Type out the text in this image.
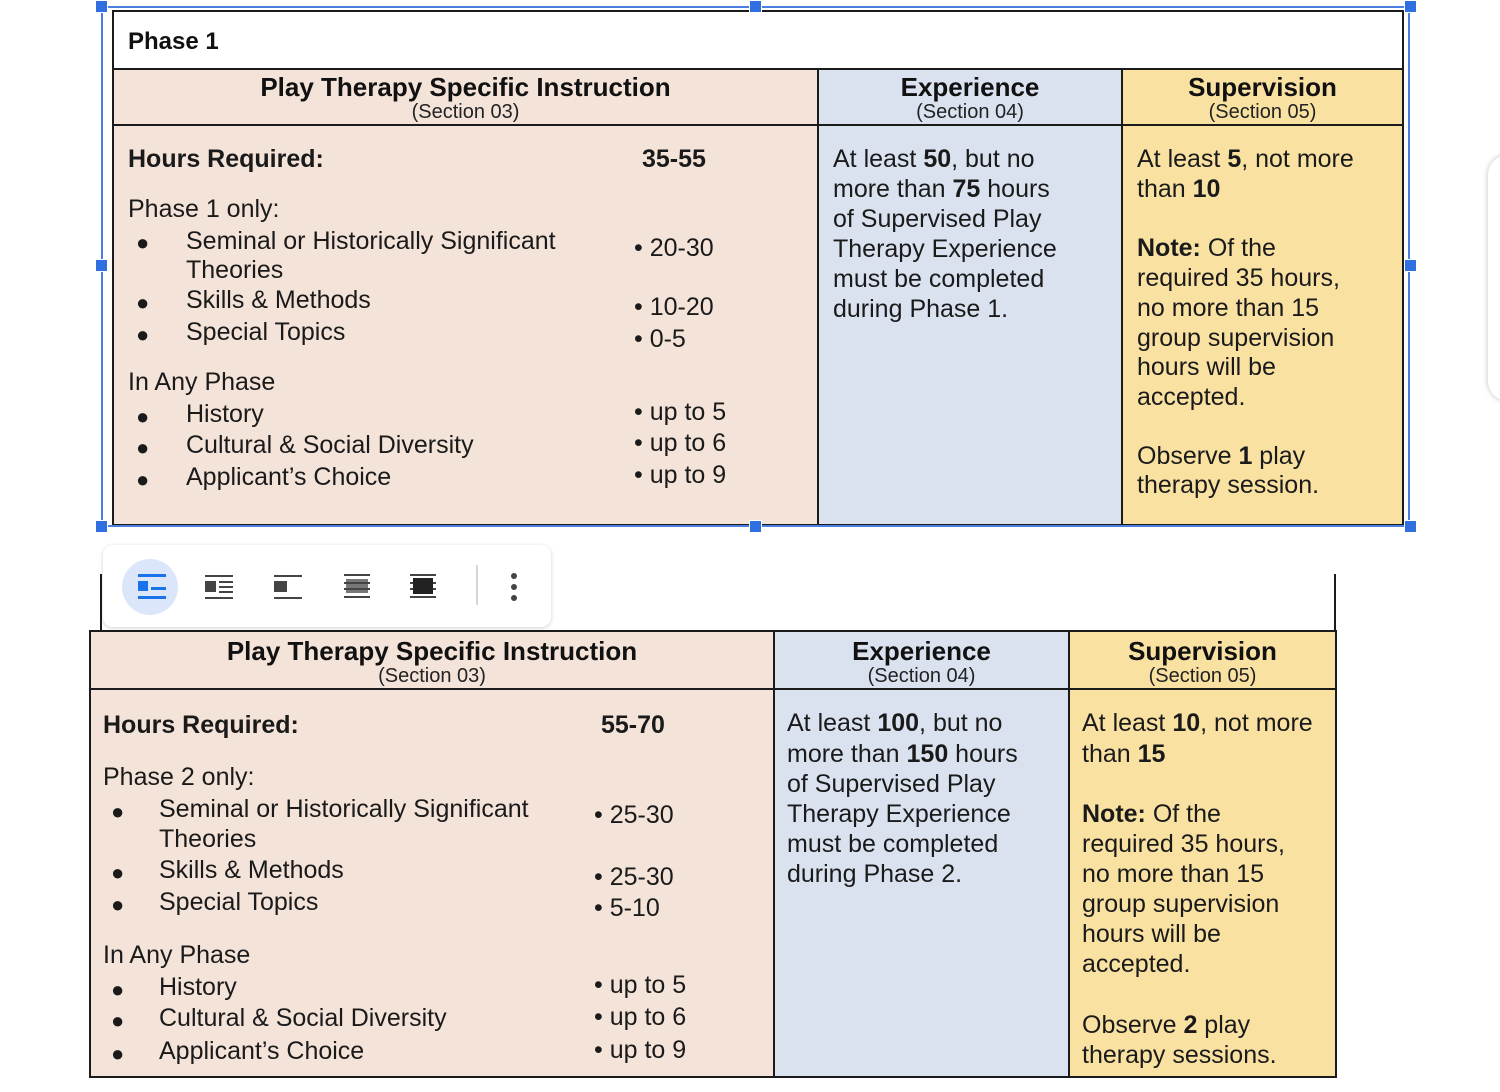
Phase 1
Play Therapy Specific Instruction
(Section 03)
Experience
(Section 04)
Supervision
(Section 05)
Hours Required:	35-55
Phase 1 only:
● Seminal or Historically Significant
Theories
● Skills & Methods
● Special Topics
• 20-30
• 10-20
• 0-5
In Any Phase
● History
● Cultural & Social Diversity
● Applicant’s Choice
• up to 5
• up to 6
• up to 9
At least 50, but no
more than 75 hours
of Supervised Play
Therapy Experience
must be completed
during Phase 1.
At least 5, not more
than 10
Note: Of the
required 35 hours,
no more than 15
group supervision
hours will be
accepted.
Observe 1 play
therapy session.
Play Therapy Specific Instruction
(Section 03)
Experience
(Section 04)
Supervision
(Section 05)
Hours Required:	55-70
Phase 2 only:
● Seminal or Historically Significant
Theories
● Skills & Methods
● Special Topics
• 25-30
• 25-30
• 5-10
In Any Phase
● History
● Cultural & Social Diversity
● Applicant’s Choice
• up to 5
• up to 6
• up to 9
At least 100, but no
more than 150 hours
of Supervised Play
Therapy Experience
must be completed
during Phase 2.
At least 10, not more
than 15
Note: Of the
required 35 hours,
no more than 15
group supervision
hours will be
accepted.
Observe 2 play
therapy sessions.
